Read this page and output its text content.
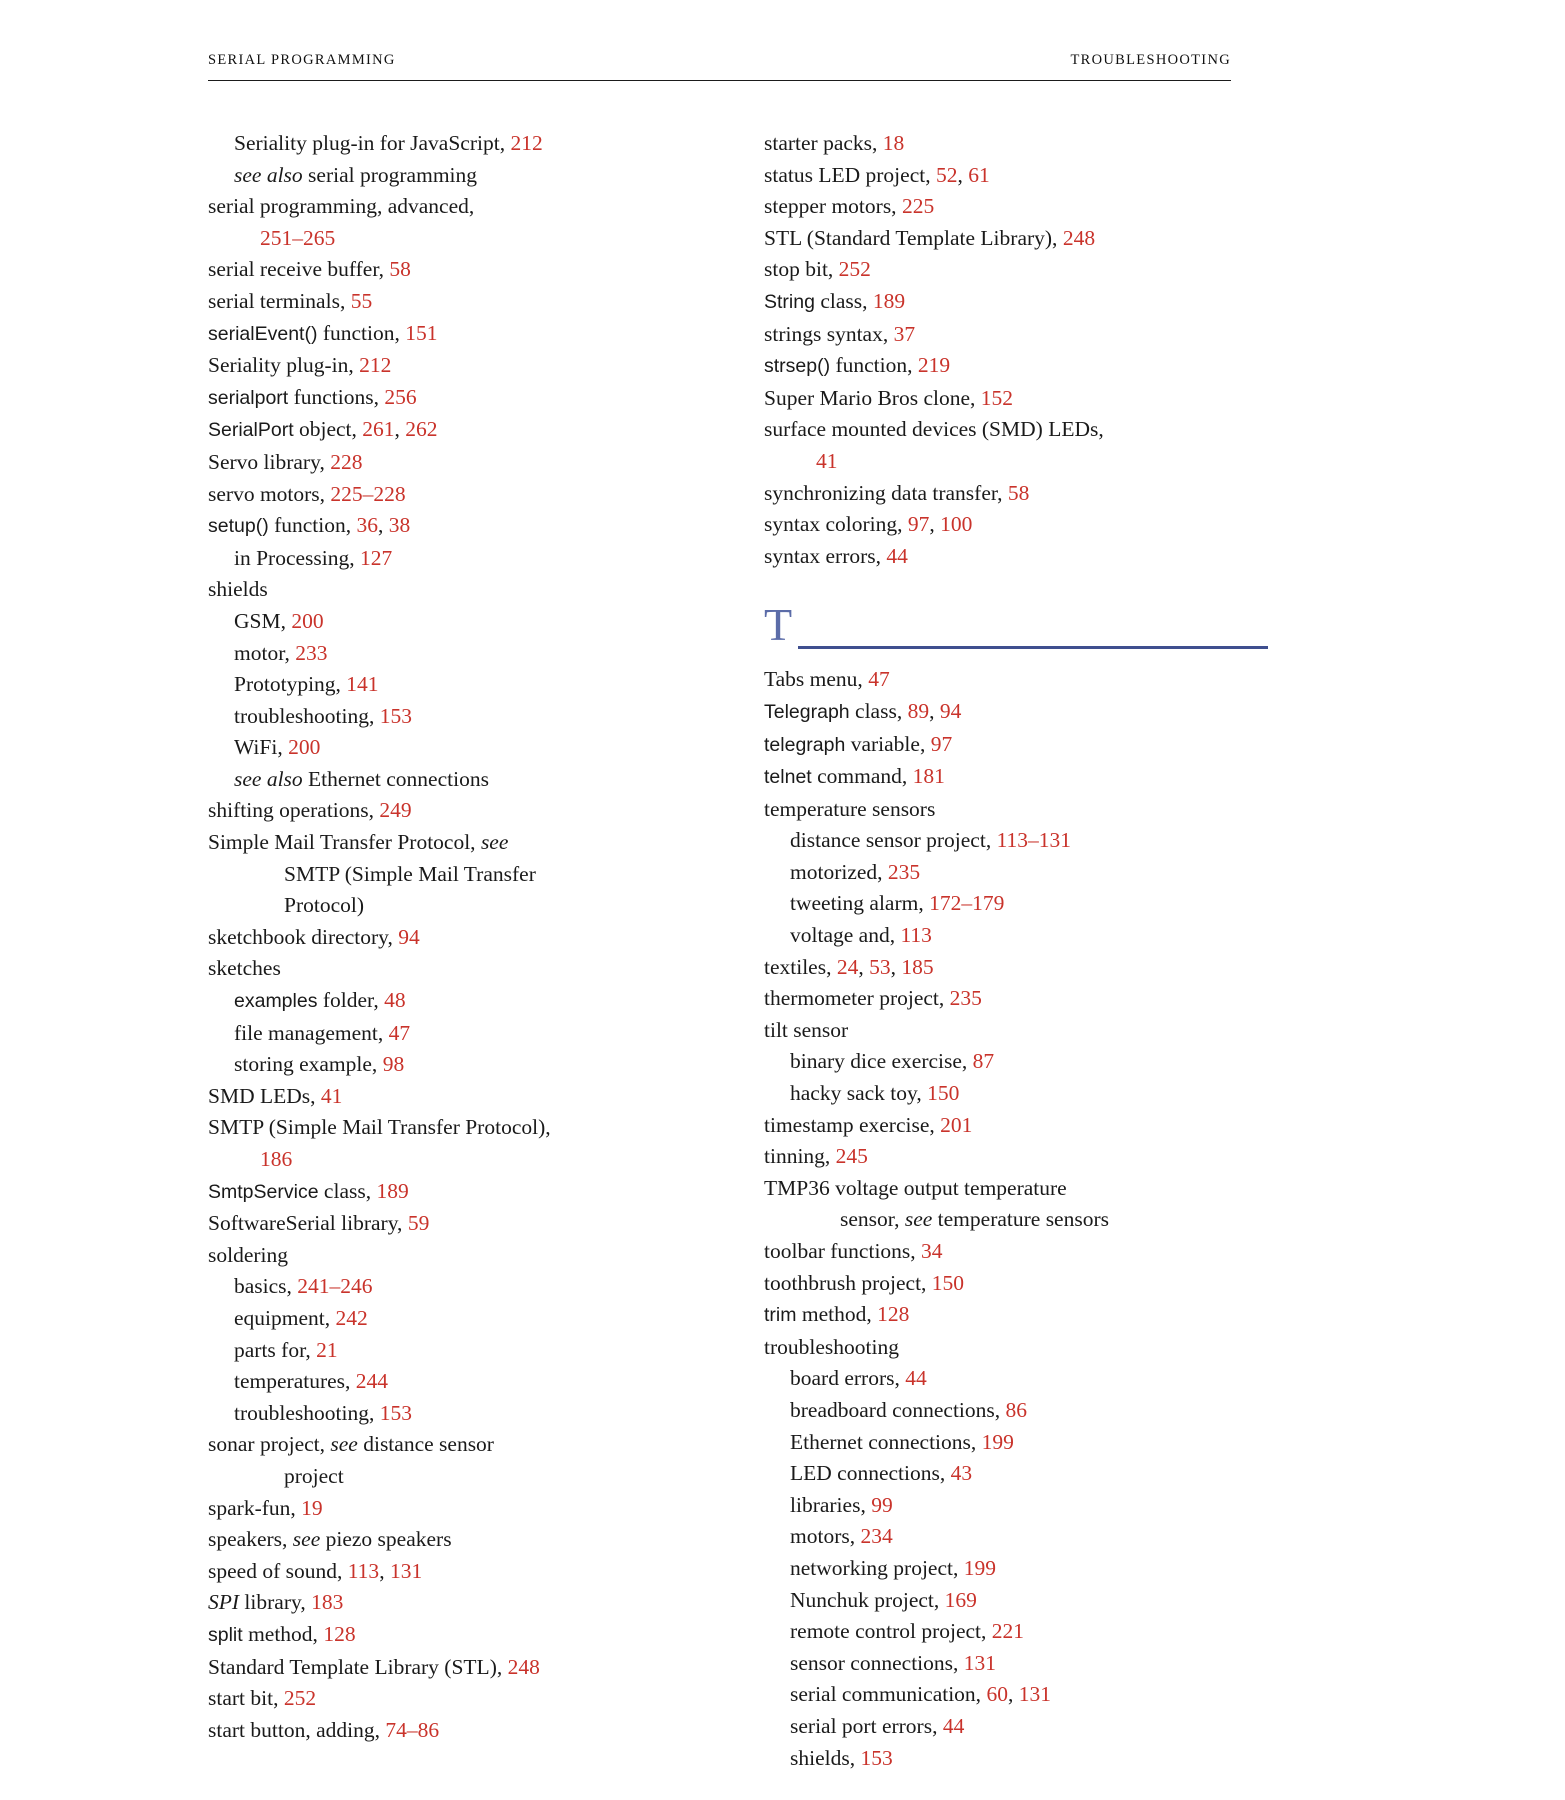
SERIAL PROGRAMMING	TROUBLESHOOTING
Seriality plug-in for JavaScript, 212
see also serial programming
serial programming, advanced,
251–265
serial receive buffer, 58
serial terminals, 55
serialEvent() function, 151
Seriality plug-in, 212
serialport functions, 256
SerialPort object, 261, 262
Servo library, 228
servo motors, 225–228
setup() function, 36, 38
in Processing, 127
shields
GSM, 200
motor, 233
Prototyping, 141
troubleshooting, 153
WiFi, 200
see also Ethernet connections
shifting operations, 249
Simple Mail Transfer Protocol, see
SMTP (Simple Mail Transfer
Protocol)
sketchbook directory, 94
sketches
examples folder, 48
file management, 47
storing example, 98
SMD LEDs, 41
SMTP (Simple Mail Transfer Protocol),
186
SmtpService class, 189
SoftwareSerial library, 59
soldering
basics, 241–246
equipment, 242
parts for, 21
temperatures, 244
troubleshooting, 153
sonar project, see distance sensor
project
spark-fun, 19
speakers, see piezo speakers
speed of sound, 113, 131
SPI library, 183
split method, 128
Standard Template Library (STL), 248
start bit, 252
start button, adding, 74–86
starter packs, 18
status LED project, 52, 61
stepper motors, 225
STL (Standard Template Library), 248
stop bit, 252
String class, 189
strings syntax, 37
strsep() function, 219
Super Mario Bros clone, 152
surface mounted devices (SMD) LEDs,
41
synchronizing data transfer, 58
syntax coloring, 97, 100
syntax errors, 44
T
Tabs menu, 47
Telegraph class, 89, 94
telegraph variable, 97
telnet command, 181
temperature sensors
distance sensor project, 113–131
motorized, 235
tweeting alarm, 172–179
voltage and, 113
textiles, 24, 53, 185
thermometer project, 235
tilt sensor
binary dice exercise, 87
hacky sack toy, 150
timestamp exercise, 201
tinning, 245
TMP36 voltage output temperature
sensor, see temperature sensors
toolbar functions, 34
toothbrush project, 150
trim method, 128
troubleshooting
board errors, 44
breadboard connections, 86
Ethernet connections, 199
LED connections, 43
libraries, 99
motors, 234
networking project, 199
Nunchuk project, 169
remote control project, 221
sensor connections, 131
serial communication, 60, 131
serial port errors, 44
shields, 153
